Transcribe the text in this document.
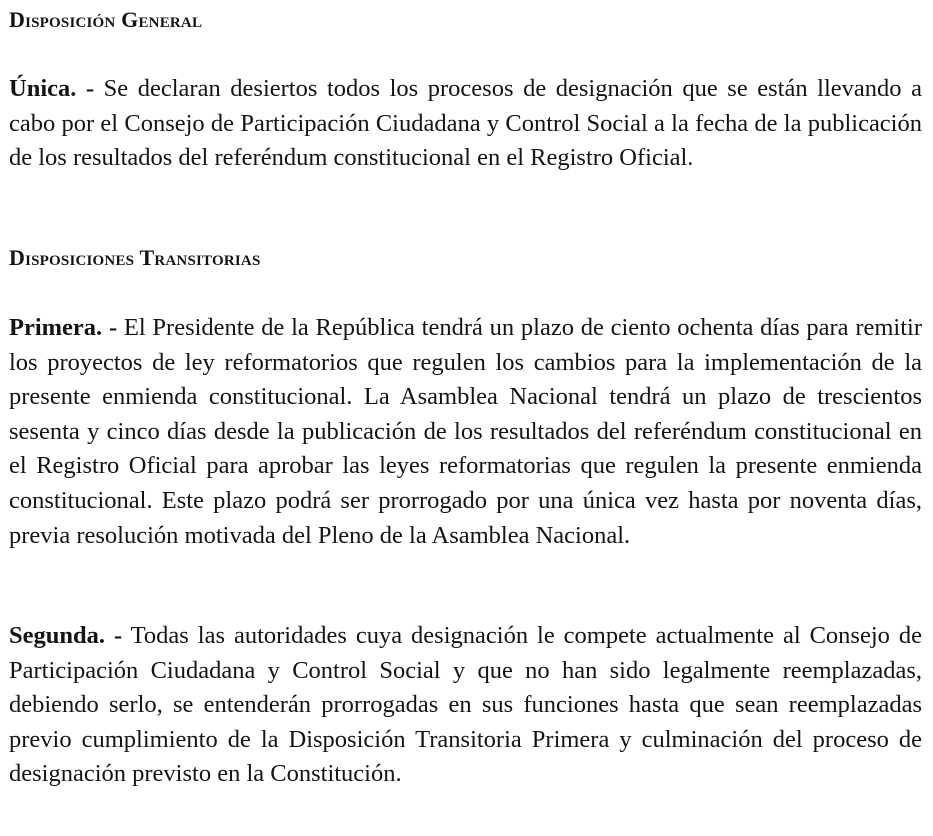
Disposición General

Única. - Se declaran desiertos todos los procesos de designación que se están llevando a cabo por el Consejo de Participación Ciudadana y Control Social a la fecha de la publicación de los resultados del referéndum constitucional en el Registro Oficial.

Disposiciones Transitorias

Primera. - El Presidente de la República tendrá un plazo de ciento ochenta días para remitir los proyectos de ley reformatorios que regulen los cambios para la implementación de la presente enmienda constitucional. La Asamblea Nacional tendrá un plazo de trescientos sesenta y cinco días desde la publicación de los resultados del referéndum constitucional en el Registro Oficial para aprobar las leyes reformatorias que regulen la presente enmienda constitucional. Este plazo podrá ser prorrogado por una única vez hasta por noventa días, previa resolución motivada del Pleno de la Asamblea Nacional.

Segunda. - Todas las autoridades cuya designación le compete actualmente al Consejo de Participación Ciudadana y Control Social y que no han sido legalmente reemplazadas, debiendo serlo, se entenderán prorrogadas en sus funciones hasta que sean reemplazadas previo cumplimiento de la Disposición Transitoria Primera y culminación del proceso de designación previsto en la Constitución.
